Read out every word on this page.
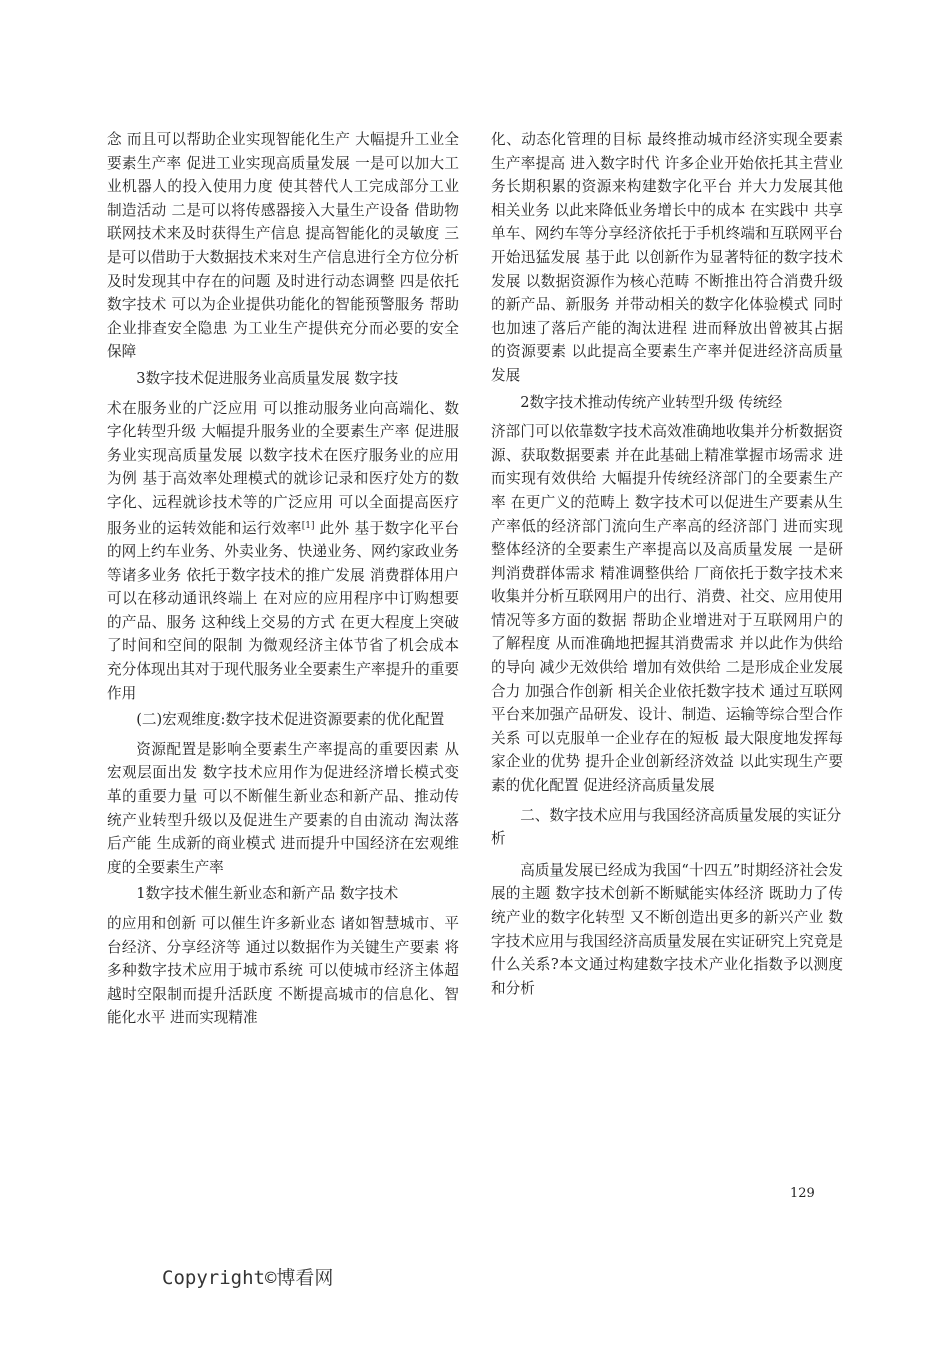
念 而且可以帮助企业实现智能化生产 大幅提升工业全要素生产率 促进工业实现高质量发展 一是可以加大工业机器人的投入使用力度 使其替代人工完成部分工业制造活动 二是可以将传感器接入大量生产设备 借助物联网技术来及时获得生产信息 提高智能化的灵敏度 三是可以借助于大数据技术来对生产信息进行全方位分析 及时发现其中存在的问题 及时进行动态调整 四是依托数字技术 可以为企业提供功能化的智能预警服务 帮助企业排查安全隐患 为工业生产提供充分而必要的安全保障

3数字技术促进服务业高质量发展 数字技

术在服务业的广泛应用 可以推动服务业向高端化、数字化转型升级 大幅提升服务业的全要素生产率 促进服务业实现高质量发展 以数字技术在医疗服务业的应用为例 基于高效率处理模式的就诊记录和医疗处方的数字化、远程就诊技术等的广泛应用 可以全面提高医疗服务业的运转效能和运行效率[1] 此外 基于数字化平台的网上约车业务、外卖业务、快递业务、网约家政业务等诸多业务 依托于数字技术的推广发展 消费群体用户可以在移动通讯终端上 在对应的应用程序中订购想要的产品、服务 这种线上交易的方式 在更大程度上突破了时间和空间的限制 为微观经济主体节省了机会成本 充分体现出其对于现代服务业全要素生产率提升的重要作用

(二)宏观维度:数字技术促进资源要素的优化配置

资源配置是影响全要素生产率提高的重要因素 从宏观层面出发 数字技术应用作为促进经济增长模式变革的重要力量 可以不断催生新业态和新产品、推动传统产业转型升级以及促进生产要素的自由流动 淘汰落后产能 生成新的商业模式 进而提升中国经济在宏观维度的全要素生产率

1数字技术催生新业态和新产品 数字技术

的应用和创新 可以催生许多新业态 诸如智慧城市、平台经济、分享经济等 通过以数据作为关键生产要素 将多种数字技术应用于城市系统 可以使城市经济主体超越时空限制而提升活跃度 不断提高城市的信息化、智能化水平 进而实现精准

化、动态化管理的目标 最终推动城市经济实现全要素生产率提高 进入数字时代 许多企业开始依托其主营业务长期积累的资源来构建数字化平台 并大力发展其他相关业务 以此来降低业务增长中的成本 在实践中 共享单车、网约车等分享经济依托于手机终端和互联网平台 开始迅猛发展 基于此 以创新作为显著特征的数字技术发展 以数据资源作为核心范畴 不断推出符合消费升级的新产品、新服务 并带动相关的数字化体验模式 同时也加速了落后产能的淘汰进程 进而释放出曾被其占据的资源要素 以此提高全要素生产率并促进经济高质量发展

2数字技术推动传统产业转型升级 传统经

济部门可以依靠数字技术高效准确地收集并分析数据资源、获取数据要素 并在此基础上精准掌握市场需求 进而实现有效供给 大幅提升传统经济部门的全要素生产率 在更广义的范畴上 数字技术可以促进生产要素从生产率低的经济部门流向生产率高的经济部门 进而实现整体经济的全要素生产率提高以及高质量发展 一是研判消费群体需求 精准调整供给 厂商依托于数字技术来收集并分析互联网用户的出行、消费、社交、应用使用情况等多方面的数据 帮助企业增进对于互联网用户的了解程度 从而准确地把握其消费需求 并以此作为供给的导向 减少无效供给 增加有效供给 二是形成企业发展合力 加强合作创新 相关企业依托数字技术 通过互联网平台来加强产品研发、设计、制造、运输等综合型合作关系 可以克服单一企业存在的短板 最大限度地发挥每家企业的优势 提升企业创新经济效益 以此实现生产要素的优化配置 促进经济高质量发展

二、数字技术应用与我国经济高质量发展的实证分析

高质量发展已经成为我国“十四五”时期经济社会发展的主题 数字技术创新不断赋能实体经济 既助力了传统产业的数字化转型 又不断创造出更多的新兴产业 数字技术应用与我国经济高质量发展在实证研究上究竟是什么关系?本文通过构建数字技术产业化指数予以测度和分析

129
Copyright©博看网
